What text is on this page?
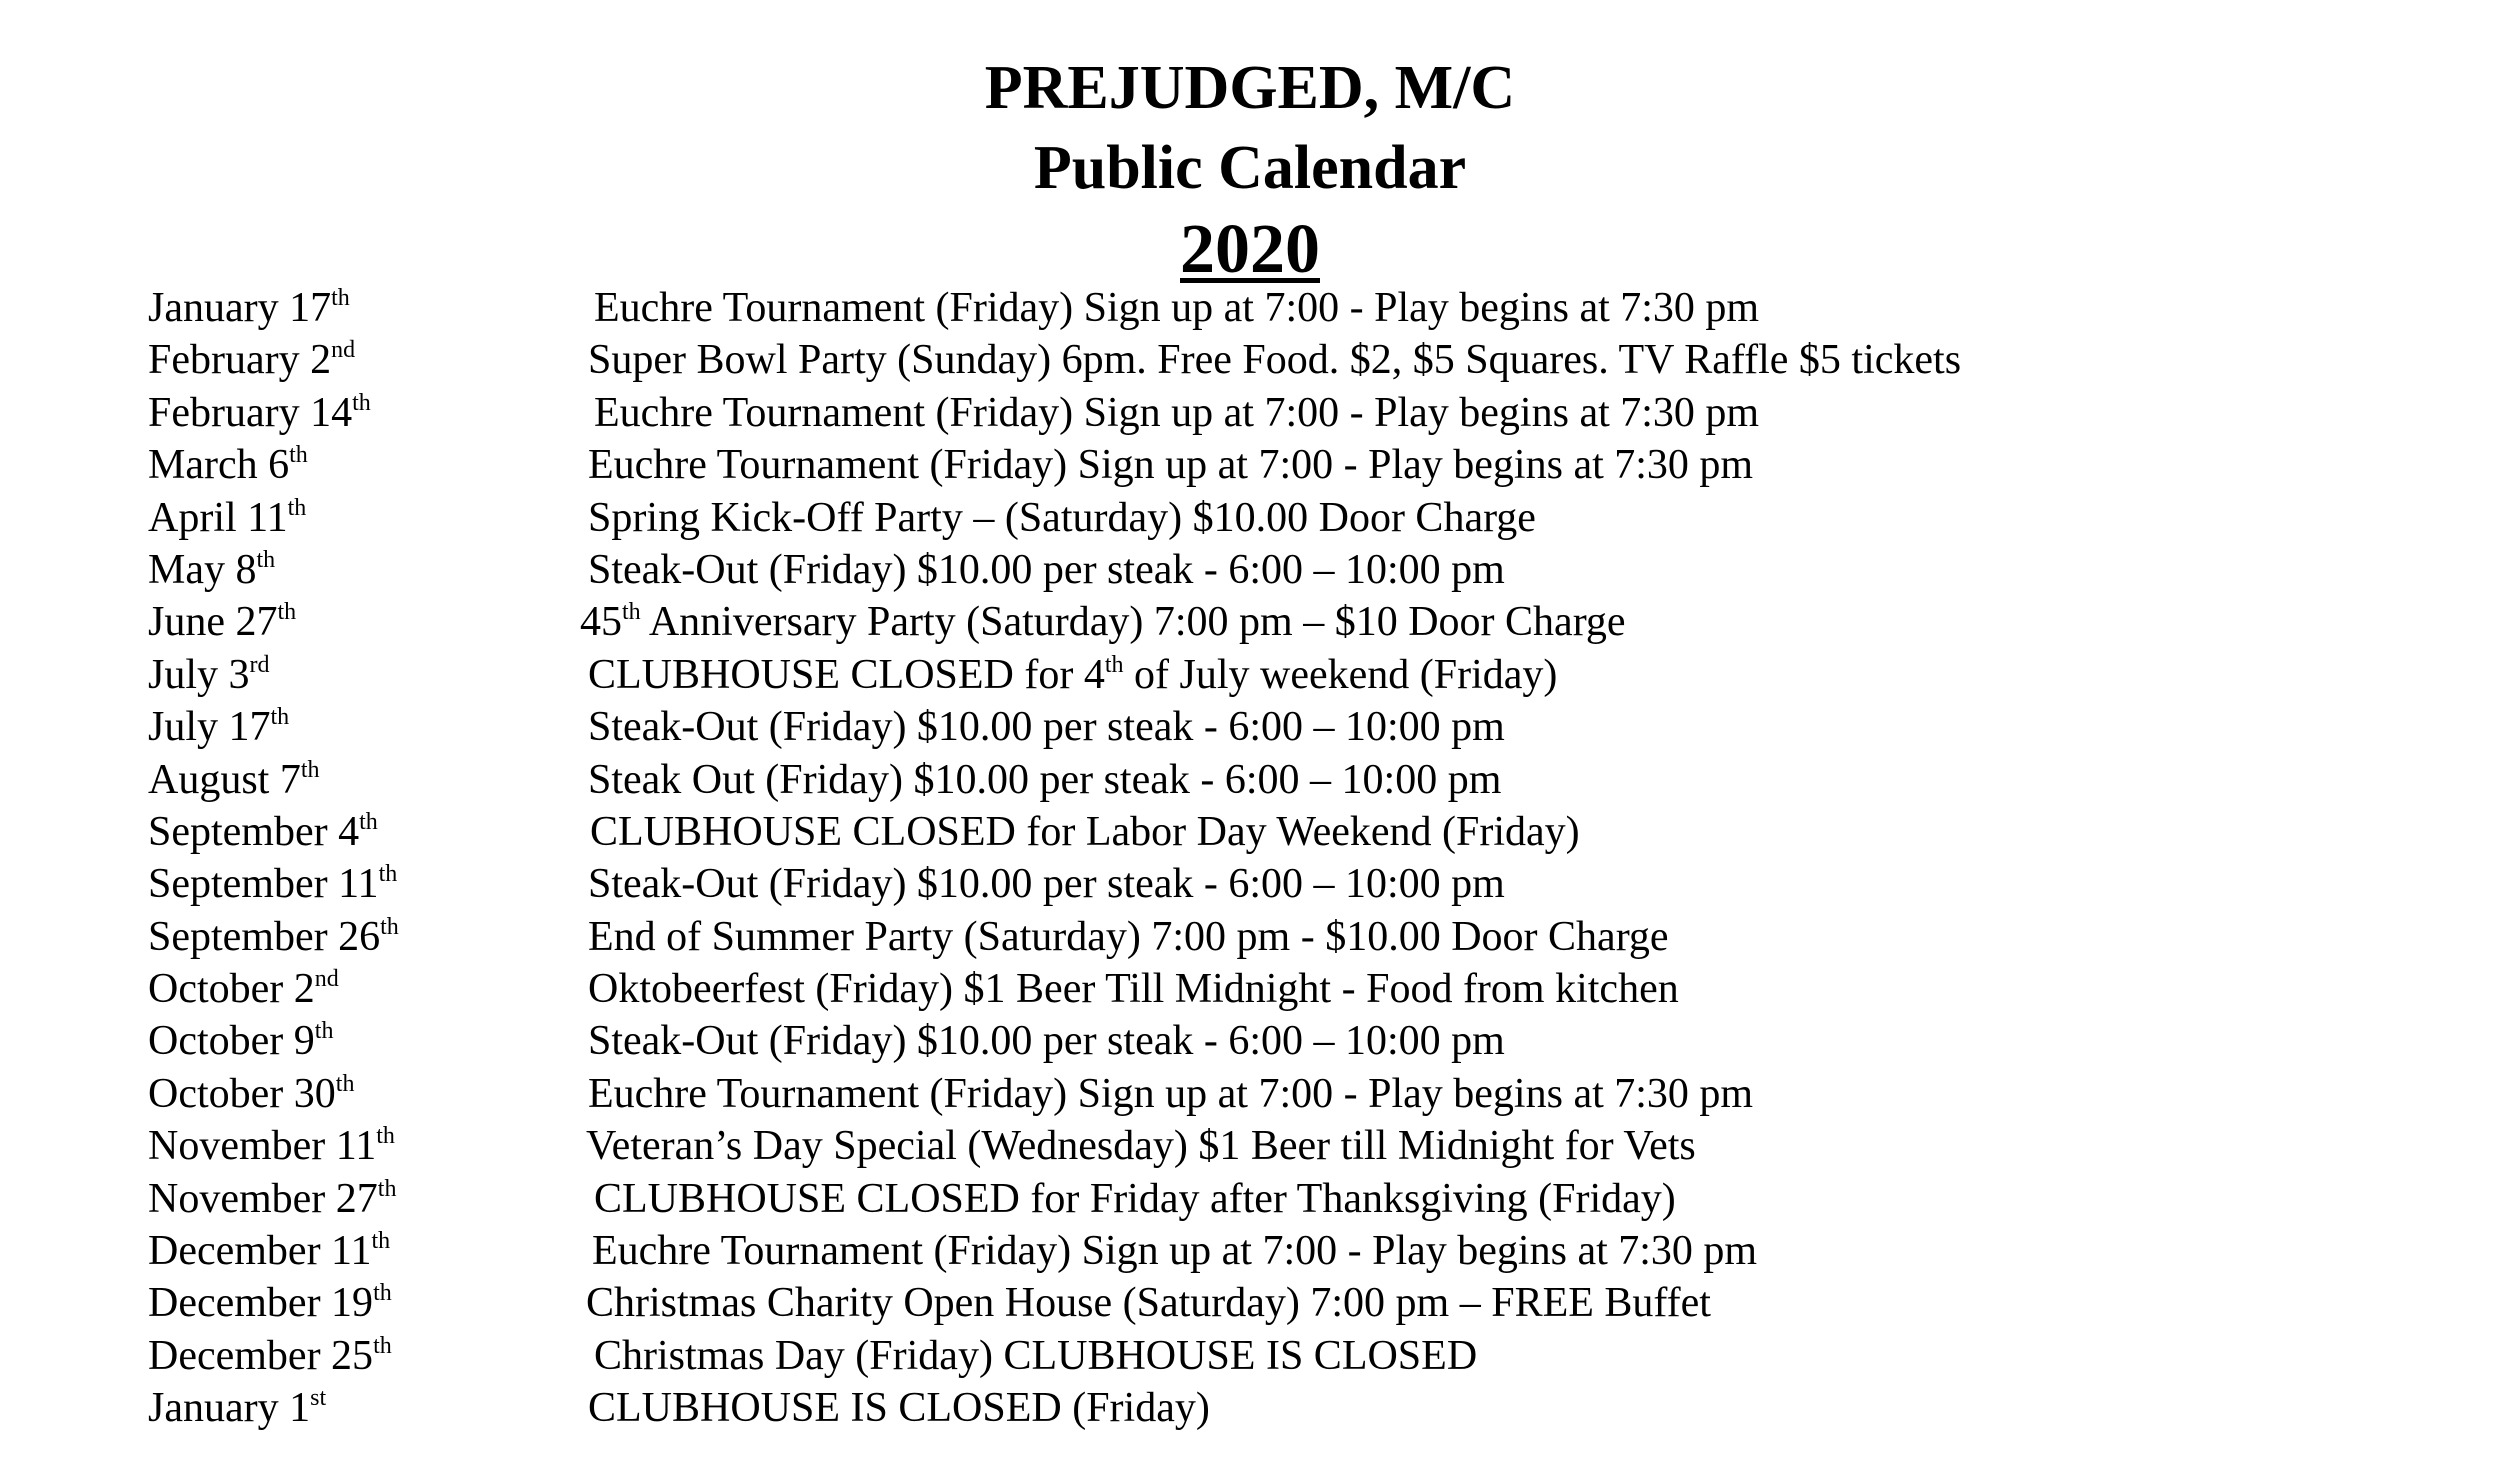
PREJUDGED, M/C
Public Calendar
2020
January 17th	Euchre Tournament (Friday) Sign up at 7:00 - Play begins at 7:30 pm
February 2nd	Super Bowl Party (Sunday) 6pm. Free Food. $2, $5 Squares. TV Raffle $5 tickets
February 14th	Euchre Tournament (Friday) Sign up at 7:00 - Play begins at 7:30 pm
March 6th	Euchre Tournament (Friday) Sign up at 7:00 - Play begins at 7:30 pm
April 11th	Spring Kick-Off Party – (Saturday) $10.00 Door Charge
May 8th	Steak-Out (Friday) $10.00 per steak - 6:00 – 10:00 pm
June 27th	45th Anniversary Party (Saturday) 7:00 pm – $10 Door Charge
July 3rd	CLUBHOUSE CLOSED for 4th of July weekend (Friday)
July 17th	Steak-Out (Friday) $10.00 per steak - 6:00 – 10:00 pm
August 7th	Steak Out (Friday) $10.00 per steak - 6:00 – 10:00 pm
September 4th	CLUBHOUSE CLOSED for Labor Day Weekend (Friday)
September 11th	Steak-Out (Friday) $10.00 per steak - 6:00 – 10:00 pm
September 26th	End of Summer Party (Saturday) 7:00 pm - $10.00 Door Charge
October 2nd	Oktobeerfest (Friday) $1 Beer Till Midnight - Food from kitchen
October 9th	Steak-Out (Friday) $10.00 per steak - 6:00 – 10:00 pm
October 30th	Euchre Tournament (Friday) Sign up at 7:00 - Play begins at 7:30 pm
November 11th	Veteran’s Day Special (Wednesday) $1 Beer till Midnight for Vets
November 27th	CLUBHOUSE CLOSED for Friday after Thanksgiving (Friday)
December 11th	Euchre Tournament (Friday) Sign up at 7:00 - Play begins at 7:30 pm
December 19th	Christmas Charity Open House (Saturday) 7:00 pm – FREE Buffet
December 25th	Christmas Day (Friday) CLUBHOUSE IS CLOSED
January 1st	CLUBHOUSE IS CLOSED (Friday)
